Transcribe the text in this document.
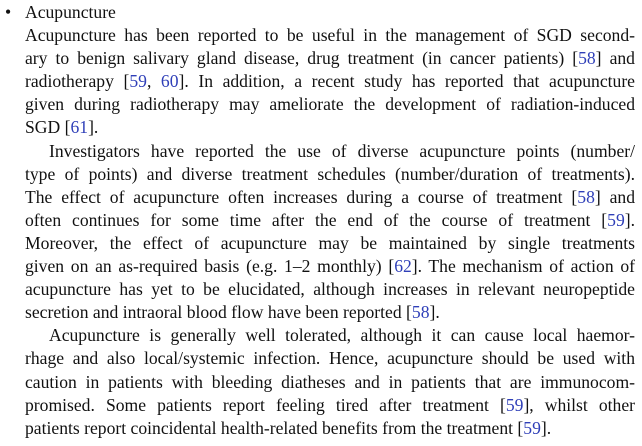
• Acupuncture
Acupuncture has been reported to be useful in the management of SGD second-
ary to benign salivary gland disease, drug treatment (in cancer patients) [58] and
radiotherapy [59, 60]. In addition, a recent study has reported that acupuncture
given during radiotherapy may ameliorate the development of radiation-induced
SGD [61].
Investigators have reported the use of diverse acupuncture points (number/
type of points) and diverse treatment schedules (number/duration of treatments).
The effect of acupuncture often increases during a course of treatment [58] and
often continues for some time after the end of the course of treatment [59].
Moreover, the effect of acupuncture may be maintained by single treatments
given on an as-required basis (e.g. 1–2 monthly) [62]. The mechanism of action of
acupuncture has yet to be elucidated, although increases in relevant neuropeptide
secretion and intraoral blood flow have been reported [58].
Acupuncture is generally well tolerated, although it can cause local haemor-
rhage and also local/systemic infection. Hence, acupuncture should be used with
caution in patients with bleeding diatheses and in patients that are immunocom-
promised. Some patients report feeling tired after treatment [59], whilst other
patients report coincidental health-related benefits from the treatment [59].
